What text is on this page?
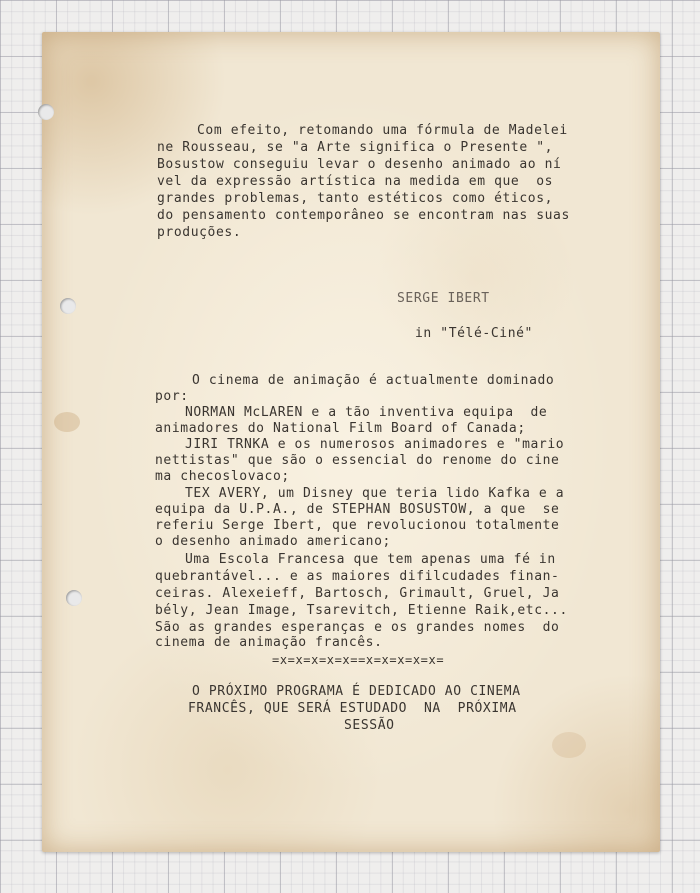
Com efeito, retomando uma fórmula de Madelei
ne Rousseau, se "a Arte significa o Presente ",
Bosustow conseguiu levar o desenho animado ao ní
vel da expressão artística na medida em que  os
grandes problemas, tanto estéticos como éticos,
do pensamento contemporâneo se encontram nas suas
produções.
SERGE IBERT
in "Télé-Ciné"
O cinema de animação é actualmente dominado
por:
NORMAN McLAREN e a tão inventiva equipa  de
animadores do National Film Board of Canada;
JIRI TRNKA e os numerosos animadores e "mario
nettistas" que são o essencial do renome do cine
ma checoslovaco;
TEX AVERY, um Disney que teria lido Kafka e a
equipa da U.P.A., de STEPHAN BOSUSTOW, a que  se
referiu Serge Ibert, que revolucionou totalmente
o desenho animado americano;
Uma Escola Francesa que tem apenas uma fé in
quebrantável... e as maiores difilcudades finan-
ceiras. Alexeieff, Bartosch, Grimault, Gruel, Ja
bély, Jean Image, Tsarevitch, Etienne Raik,etc...
São as grandes esperanças e os grandes nomes  do
cinema de animação francês.
=x=x=x=x=x==x=x=x=x=x=
O PRÓXIMO PROGRAMA É DEDICADO AO CINEMA
FRANCÊS, QUE SERÁ ESTUDADO  NA  PRÓXIMA
SESSÃO
